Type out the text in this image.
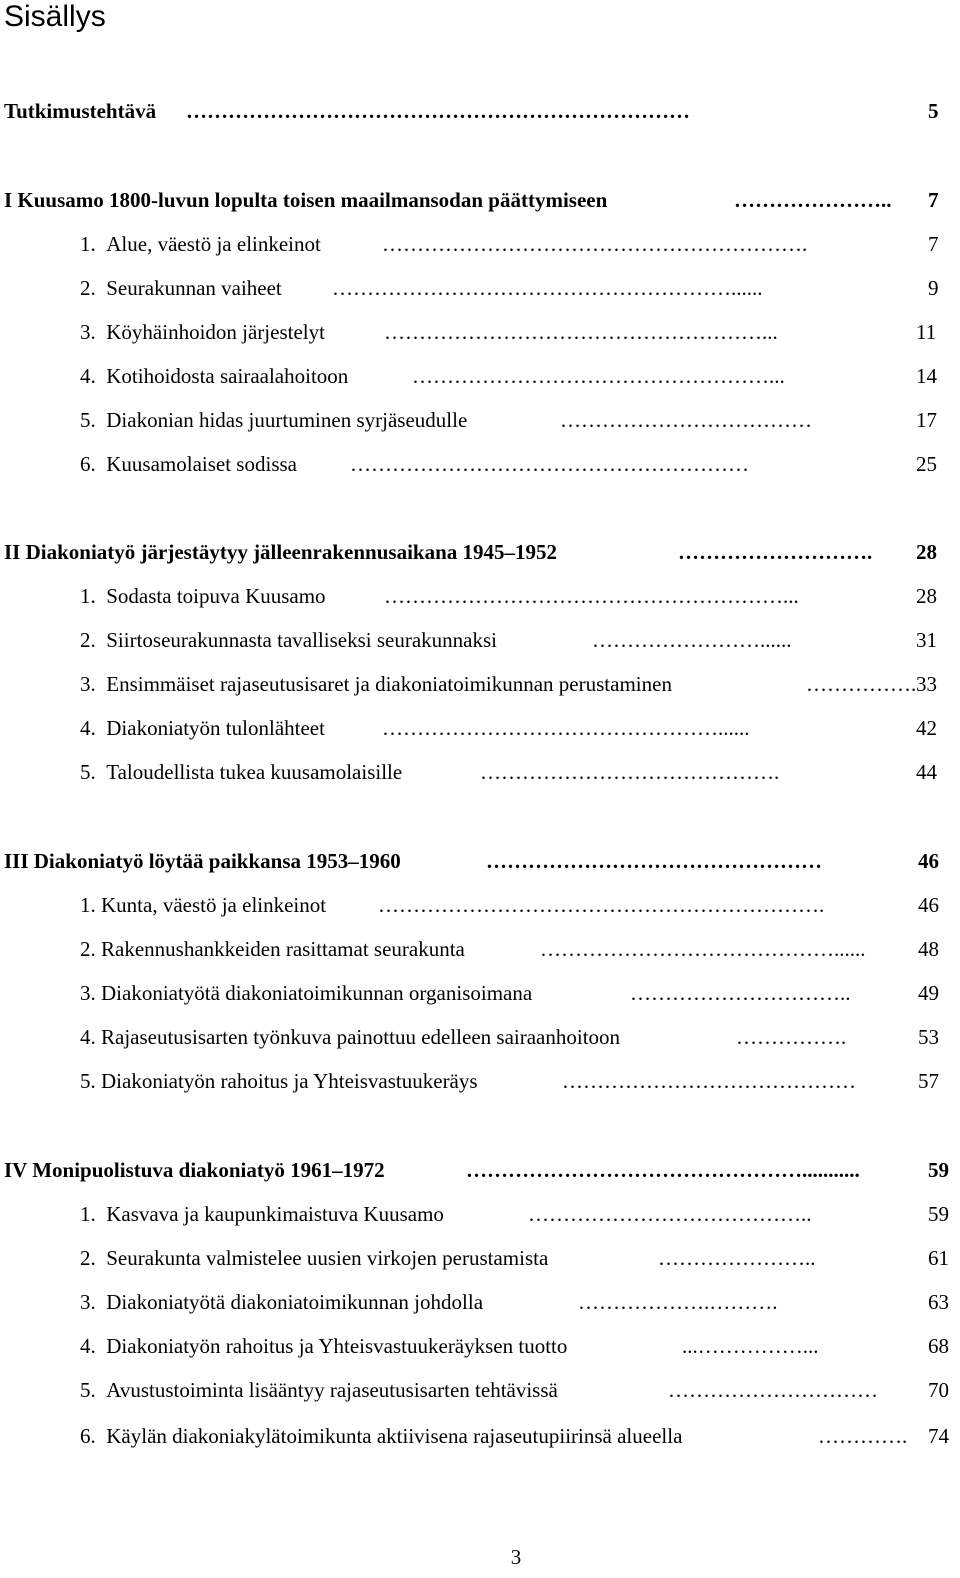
Sisällys
Tutkimustehtävä ………………………………………………………………	5
I Kuusamo 1800-luvun lopulta toisen maailmansodan päättymiseen	…………………..	7
1.  Alue, väestö ja elinkeinot	…………………………………………………….	7
2.  Seurakunnan vaiheet …………………………………………………......	9
3.  Köyhäinhoidon järjestelyt	………………………………………………...	11
4.  Kotihoidosta sairaalahoitoon	……………………………………………...	14
5.  Diakonian hidas juurtuminen syrjäseudulle	………………………………	17
6.  Kuusamolaiset sodissa	…………………………………………………	25
II Diakoniatyö järjestäytyy jälleenrakennusaikana 1945–1952	……………………….	28
1.  Sodasta toipuva Kuusamo	…………………………………………………...	28
2.  Siirtoseurakunnasta tavalliseksi seurakunnaksi	……………………......	31
3.  Ensimmäiset rajaseutusisaret ja diakoniatoimikunnan perustaminen	……………. 33
4.  Diakoniatyön tulonlähteet	…………………………………………......	42
5.  Taloudellista tukea kuusamolaisille	…………………………………….	44
III Diakoniatyö löytää paikkansa 1953–1960	…………………………………………	46
1. Kunta, väestö ja elinkeinot ……………………………………………………….	46
2. Rakennushankkeiden rasittamat seurakunta	……………………………………......	48
3. Diakoniatyötä diakoniatoimikunnan organisoimana	…………………………..	49
4. Rajaseutusisarten työnkuva painottuu edelleen sairaanhoitoon	…………….	53
5. Diakoniatyön rahoitus ja Yhteisvastuukeräys	……………………………………	57
IV Monipuolistuva diakoniatyö 1961–1972	…………………………………………...........	59
1.  Kasvava ja kaupunkimaistuva Kuusamo	…………………………………..	59
2.  Seurakunta valmistelee uusien virkojen perustamista	…………………..	61
3.  Diakoniatyötä diakoniatoimikunnan johdolla	……………….……….	63
4.  Diakoniatyön rahoitus ja Yhteisvastuukeräyksen tuotto	...……………...	68
5.  Avustustoiminta lisääntyy rajaseutusisarten tehtävissä	…………………………	70
6.  Käylän diakoniakylätoimikunta aktiivisena rajaseutupiirinsä alueella	…………. 74
3
